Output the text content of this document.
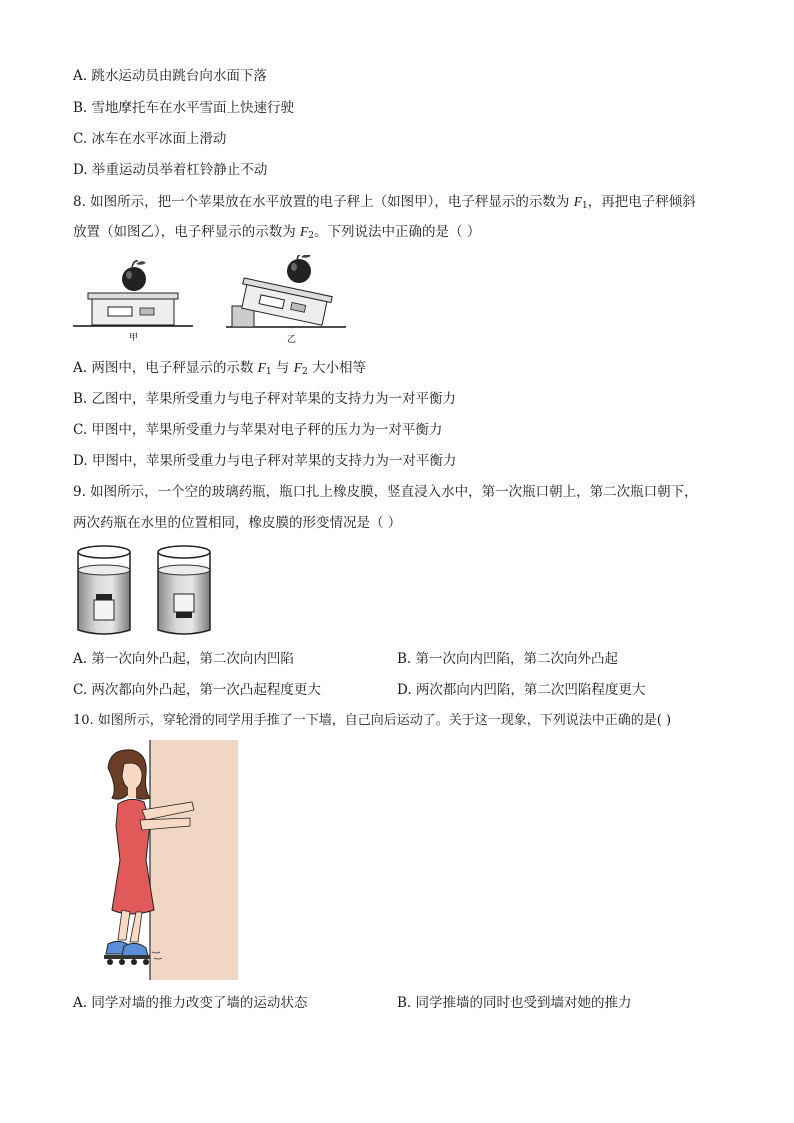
A. 跳水运动员由跳台向水面下落
B. 雪地摩托车在水平雪面上快速行驶
C. 冰车在水平冰面上滑动
D. 举重运动员举着杠铃静止不动
8. 如图所示，把一个苹果放在水平放置的电子秤上（如图甲），电子秤显示的示数为 $F_1$，再把电子秤倾斜
放置（如图乙），电子秤显示的示数为 $F_2$。下列说法中正确的是（ ）
甲	乙
A. 两图中，电子秤显示的示数 $F_1$ 与 $F_2$ 大小相等
B. 乙图中，苹果所受重力与电子秤对苹果的支持力为一对平衡力
C. 甲图中，苹果所受重力与苹果对电子秤的压力为一对平衡力
D. 甲图中，苹果所受重力与电子秤对苹果的支持力为一对平衡力
9. 如图所示，一个空的玻璃药瓶，瓶口扎上橡皮膜，竖直浸入水中，第一次瓶口朝上，第二次瓶口朝下，
两次药瓶在水里的位置相同，橡皮膜的形变情况是（ ）
A. 第一次向外凸起，第二次向内凹陷	B. 第一次向内凹陷，第二次向外凸起
C. 两次都向外凸起，第一次凸起程度更大	D. 两次都向内凹陷，第二次凹陷程度更大
10. 如图所示，穿轮滑的同学用手推了一下墙，自己向后运动了。关于这一现象，下列说法中正确的是( )
A. 同学对墙的推力改变了墙的运动状态	B. 同学推墙的同时也受到墙对她的推力
